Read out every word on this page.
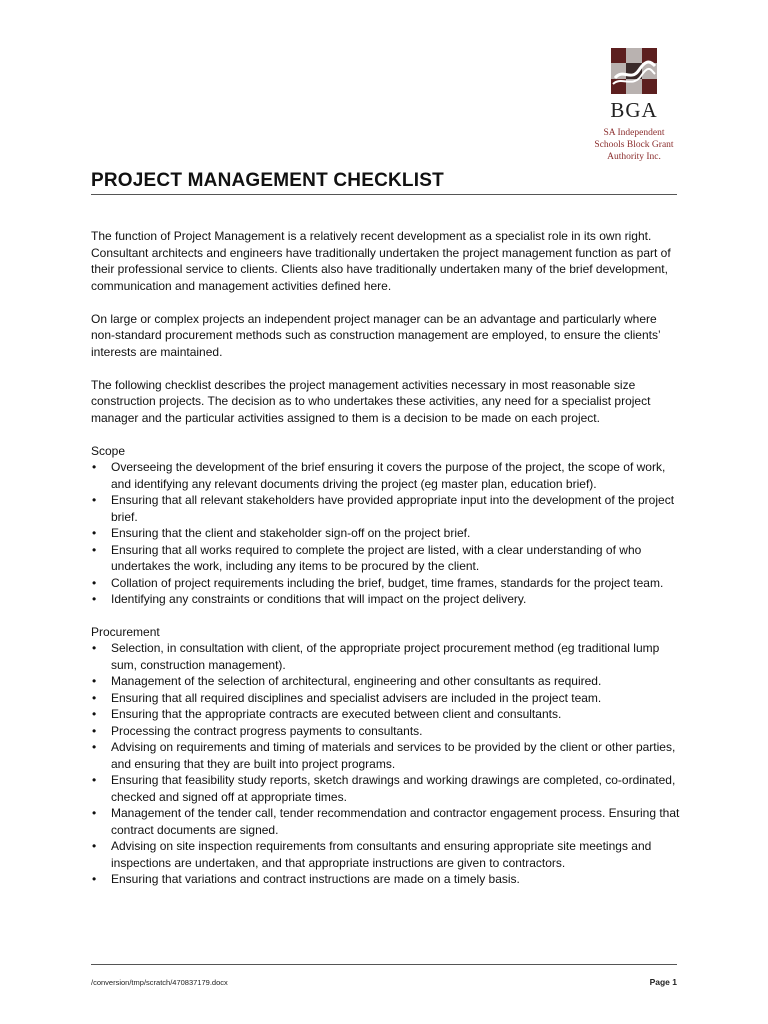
BGA
SA Independent
Schools Block Grant
Authority Inc.
PROJECT MANAGEMENT CHECKLIST

The function of Project Management is a relatively recent development as a specialist role in its own right. Consultant architects and engineers have traditionally undertaken the project management function as part of their professional service to clients. Clients also have traditionally undertaken many of the brief development, communication and management activities defined here.

On large or complex projects an independent project manager can be an advantage and particularly where non-standard procurement methods such as construction management are employed, to ensure the clients’ interests are maintained.

The following checklist describes the project management activities necessary in most reasonable size construction projects. The decision as to who undertakes these activities, any need for a specialist project manager and the particular activities assigned to them is a decision to be made on each project.

Scope
• Overseeing the development of the brief ensuring it covers the purpose of the project, the scope of work, and identifying any relevant documents driving the project (eg master plan, education brief).
• Ensuring that all relevant stakeholders have provided appropriate input into the development of the project brief.
• Ensuring that the client and stakeholder sign-off on the project brief.
• Ensuring that all works required to complete the project are listed, with a clear understanding of who undertakes the work, including any items to be procured by the client.
• Collation of project requirements including the brief, budget, time frames, standards for the project team.
• Identifying any constraints or conditions that will impact on the project delivery.
Procurement
• Selection, in consultation with client, of the appropriate project procurement method (eg traditional lump sum, construction management).
• Management of the selection of architectural, engineering and other consultants as required.
• Ensuring that all required disciplines and specialist advisers are included in the project team.
• Ensuring that the appropriate contracts are executed between client and consultants.
• Processing the contract progress payments to consultants.
• Advising on requirements and timing of materials and services to be provided by the client or other parties, and ensuring that they are built into project programs.
• Ensuring that feasibility study reports, sketch drawings and working drawings are completed, co-ordinated, checked and signed off at appropriate times.
• Management of the tender call, tender recommendation and contractor engagement process. Ensuring that contract documents are signed.
• Advising on site inspection requirements from consultants and ensuring appropriate site meetings and inspections are undertaken, and that appropriate instructions are given to contractors.
• Ensuring that variations and contract instructions are made on a timely basis.
/conversion/tmp/scratch/470837179.docx	Page 1
